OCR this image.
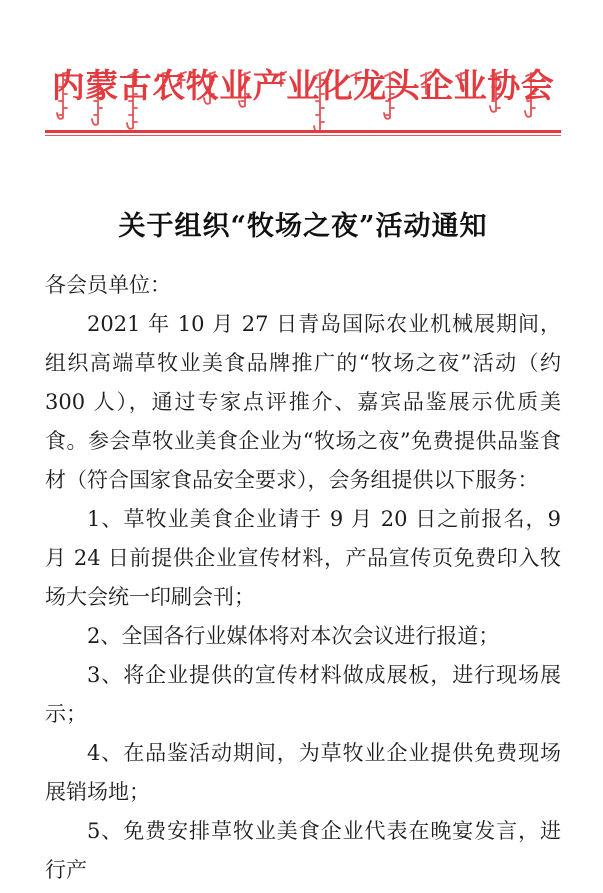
内蒙古农牧业产业化龙头企业协会
关于组织“牧场之夜”活动通知

各会员单位：

2021 年 10 月 27 日青岛国际农业机械展期间，组织高端草牧业美食品牌推广的“牧场之夜”活动（约 300 人），通过专家点评推介、嘉宾品鉴展示优质美食。参会草牧业美食企业为“牧场之夜”免费提供品鉴食材（符合国家食品安全要求），会务组提供以下服务：

1、草牧业美食企业请于 9 月 20 日之前报名，9 月 24 日前提供企业宣传材料，产品宣传页免费印入牧场大会统一印刷会刊；

2、全国各行业媒体将对本次会议进行报道；

3、将企业提供的宣传材料做成展板，进行现场展示；

4、在品鉴活动期间，为草牧业企业提供免费现场展销场地；

5、免费安排草牧业美食企业代表在晚宴发言，进行产
